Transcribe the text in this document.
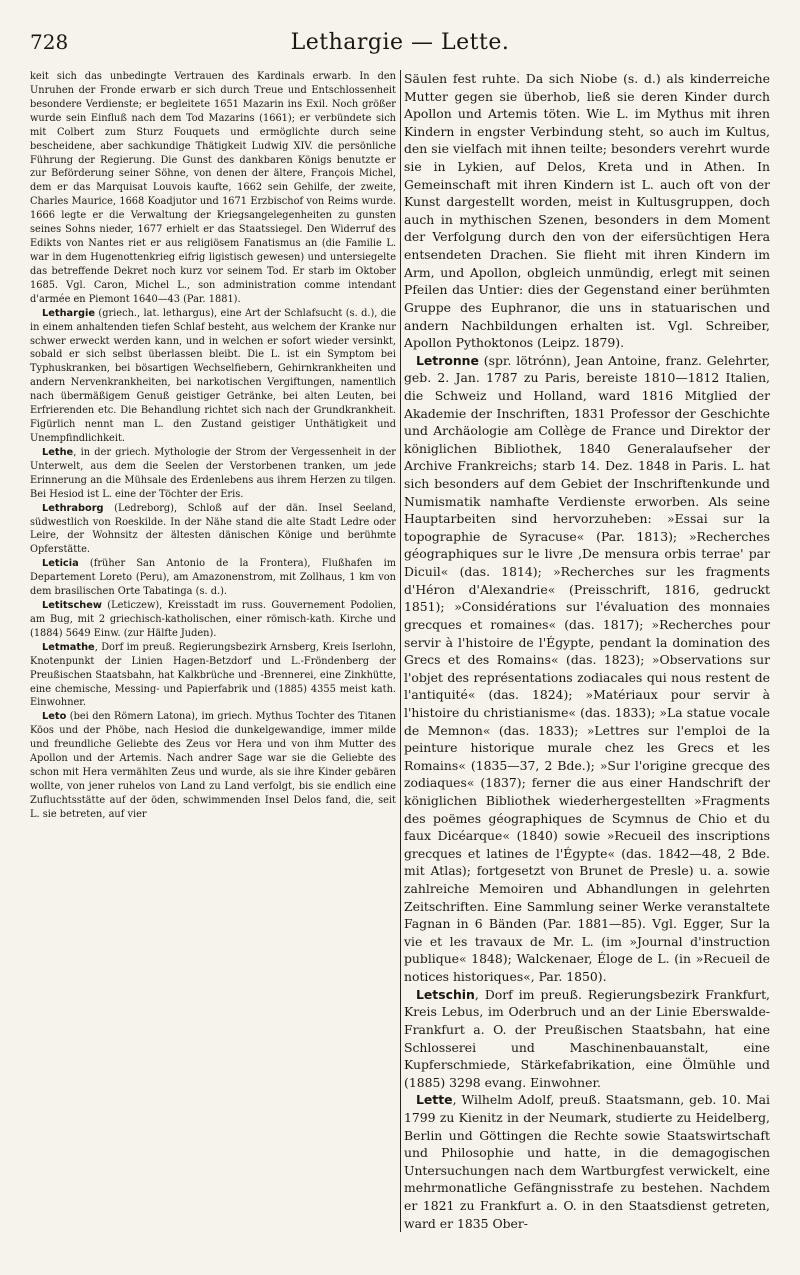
728	Lethargie — Lette.

keit sich das unbedingte Vertrauen des Kardinals erwarb. In den Unruhen der Fronde erwarb er sich durch Treue und Entschlossenheit besondere Verdienste; er begleitete 1651 Mazarin ins Exil. Noch größer wurde sein Einfluß nach dem Tod Mazarins (1661); er verbündete sich mit Colbert zum Sturz Fouquets und ermöglichte durch seine bescheidene, aber sachkundige Thätigkeit Ludwig XIV. die persönliche Führung der Regierung. Die Gunst des dankbaren Königs benutzte er zur Beförderung seiner Söhne, von denen der ältere, François Michel, dem er das Marquisat Louvois kaufte, 1662 sein Gehilfe, der zweite, Charles Maurice, 1668 Koadjutor und 1671 Erzbischof von Reims wurde. 1666 legte er die Verwaltung der Kriegsangelegenheiten zu gunsten seines Sohns nieder, 1677 erhielt er das Staatssiegel. Den Widerruf des Edikts von Nantes riet er aus religiösem Fanatismus an (die Familie L. war in dem Hugenottenkrieg eifrig ligistisch gewesen) und untersiegelte das betreffende Dekret noch kurz vor seinem Tod. Er starb im Oktober 1685. Vgl. Caron, Michel L., son administration comme intendant d'armée en Piemont 1640—43 (Par. 1881).

Lethargie (griech., lat. lethargus), eine Art der Schlafsucht (s. d.), die in einem anhaltenden tiefen Schlaf besteht, aus welchem der Kranke nur schwer erweckt werden kann, und in welchen er sofort wieder versinkt, sobald er sich selbst überlassen bleibt. Die L. ist ein Symptom bei Typhuskranken, bei bösartigen Wechselfiebern, Gehirnkrankheiten und andern Nervenkrankheiten, bei narkotischen Vergiftungen, namentlich nach übermäßigem Genuß geistiger Getränke, bei alten Leuten, bei Erfrierenden etc. Die Behandlung richtet sich nach der Grundkrankheit. Figürlich nennt man L. den Zustand geistiger Unthätigkeit und Unempfindlichkeit.

Lethe, in der griech. Mythologie der Strom der Vergessenheit in der Unterwelt, aus dem die Seelen der Verstorbenen tranken, um jede Erinnerung an die Mühsale des Erdenlebens aus ihrem Herzen zu tilgen. Bei Hesiod ist L. eine der Töchter der Eris.

Lethraborg (Ledreborg), Schloß auf der dän. Insel Seeland, südwestlich von Roeskilde. In der Nähe stand die alte Stadt Ledre oder Leire, der Wohnsitz der ältesten dänischen Könige und berühmte Opferstätte.

Leticia (früher San Antonio de la Frontera), Flußhafen im Departement Loreto (Peru), am Amazonenstrom, mit Zollhaus, 1 km von dem brasilischen Orte Tabatinga (s. d.).

Letitschew (Leticzew), Kreisstadt im russ. Gouvernement Podolien, am Bug, mit 2 griechisch-katholischen, einer römisch-kath. Kirche und (1884) 5649 Einw. (zur Hälfte Juden).

Letmathe, Dorf im preuß. Regierungsbezirk Arnsberg, Kreis Iserlohn, Knotenpunkt der Linien Hagen-Betzdorf und L.-Fröndenberg der Preußischen Staatsbahn, hat Kalkbrüche und -Brennerei, eine Zinkhütte, eine chemische, Messing- und Papierfabrik und (1885) 4355 meist kath. Einwohner.

Leto (bei den Römern Latona), im griech. Mythus Tochter des Titanen Köos und der Phöbe, nach Hesiod die dunkelgewandige, immer milde und freundliche Geliebte des Zeus vor Hera und von ihm Mutter des Apollon und der Artemis. Nach andrer Sage war sie die Geliebte des schon mit Hera vermählten Zeus und wurde, als sie ihre Kinder gebären wollte, von jener ruhelos von Land zu Land verfolgt, bis sie endlich eine Zufluchtsstätte auf der öden, schwimmenden Insel Delos fand, die, seit L. sie betreten, auf vier

Säulen fest ruhte. Da sich Niobe (s. d.) als kinderreiche Mutter gegen sie überhob, ließ sie deren Kinder durch Apollon und Artemis töten. Wie L. im Mythus mit ihren Kindern in engster Verbindung steht, so auch im Kultus, den sie vielfach mit ihnen teilte; besonders verehrt wurde sie in Lykien, auf Delos, Kreta und in Athen. In Gemeinschaft mit ihren Kindern ist L. auch oft von der Kunst dargestellt worden, meist in Kultusgruppen, doch auch in mythischen Szenen, besonders in dem Moment der Verfolgung durch den von der eifersüchtigen Hera entsendeten Drachen. Sie flieht mit ihren Kindern im Arm, und Apollon, obgleich unmündig, erlegt mit seinen Pfeilen das Untier: dies der Gegenstand einer berühmten Gruppe des Euphranor, die uns in statuarischen und andern Nachbildungen erhalten ist. Vgl. Schreiber, Apollon Pythoktonos (Leipz. 1879).

Letronne (spr. lötrónn), Jean Antoine, franz. Gelehrter, geb. 2. Jan. 1787 zu Paris, bereiste 1810—1812 Italien, die Schweiz und Holland, ward 1816 Mitglied der Akademie der Inschriften, 1831 Professor der Geschichte und Archäologie am Collège de France und Direktor der königlichen Bibliothek, 1840 Generalaufseher der Archive Frankreichs; starb 14. Dez. 1848 in Paris. L. hat sich besonders auf dem Gebiet der Inschriftenkunde und Numismatik namhafte Verdienste erworben. Als seine Hauptarbeiten sind hervorzuheben: »Essai sur la topographie de Syracuse« (Par. 1813); »Recherches géographiques sur le livre ‚De mensura orbis terrae' par Dicuil« (das. 1814); »Recherches sur les fragments d'Héron d'Alexandrie« (Preisschrift, 1816, gedruckt 1851); »Considérations sur l'évaluation des monnaies grecques et romaines« (das. 1817); »Recherches pour servir à l'histoire de l'Égypte, pendant la domination des Grecs et des Romains« (das. 1823); »Observations sur l'objet des représentations zodiacales qui nous restent de l'antiquité« (das. 1824); »Matériaux pour servir à l'histoire du christianisme« (das. 1833); »La statue vocale de Memnon« (das. 1833); »Lettres sur l'emploi de la peinture historique murale chez les Grecs et les Romains« (1835—37, 2 Bde.); »Sur l'origine grecque des zodiaques« (1837); ferner die aus einer Handschrift der königlichen Bibliothek wiederhergestellten »Fragments des poëmes géographiques de Scymnus de Chio et du faux Dicéarque« (1840) sowie »Recueil des inscriptions grecques et latines de l'Égypte« (das. 1842—48, 2 Bde. mit Atlas); fortgesetzt von Brunet de Presle) u. a. sowie zahlreiche Memoiren und Abhandlungen in gelehrten Zeitschriften. Eine Sammlung seiner Werke veranstaltete Fagnan in 6 Bänden (Par. 1881—85). Vgl. Egger, Sur la vie et les travaux de Mr. L. (im »Journal d'instruction publique« 1848); Walckenaer, Éloge de L. (in »Recueil de notices historiques«, Par. 1850).

Letschin, Dorf im preuß. Regierungsbezirk Frankfurt, Kreis Lebus, im Oderbruch und an der Linie Eberswalde-Frankfurt a. O. der Preußischen Staatsbahn, hat eine Schlosserei und Maschinenbauanstalt, eine Kupferschmiede, Stärkefabrikation, eine Ölmühle und (1885) 3298 evang. Einwohner.

Lette, Wilhelm Adolf, preuß. Staatsmann, geb. 10. Mai 1799 zu Kienitz in der Neumark, studierte zu Heidelberg, Berlin und Göttingen die Rechte sowie Staatswirtschaft und Philosophie und hatte, in die demagogischen Untersuchungen nach dem Wartburgfest verwickelt, eine mehrmonatliche Gefängnisstrafe zu bestehen. Nachdem er 1821 zu Frankfurt a. O. in den Staatsdienst getreten, ward er 1835 Ober-
